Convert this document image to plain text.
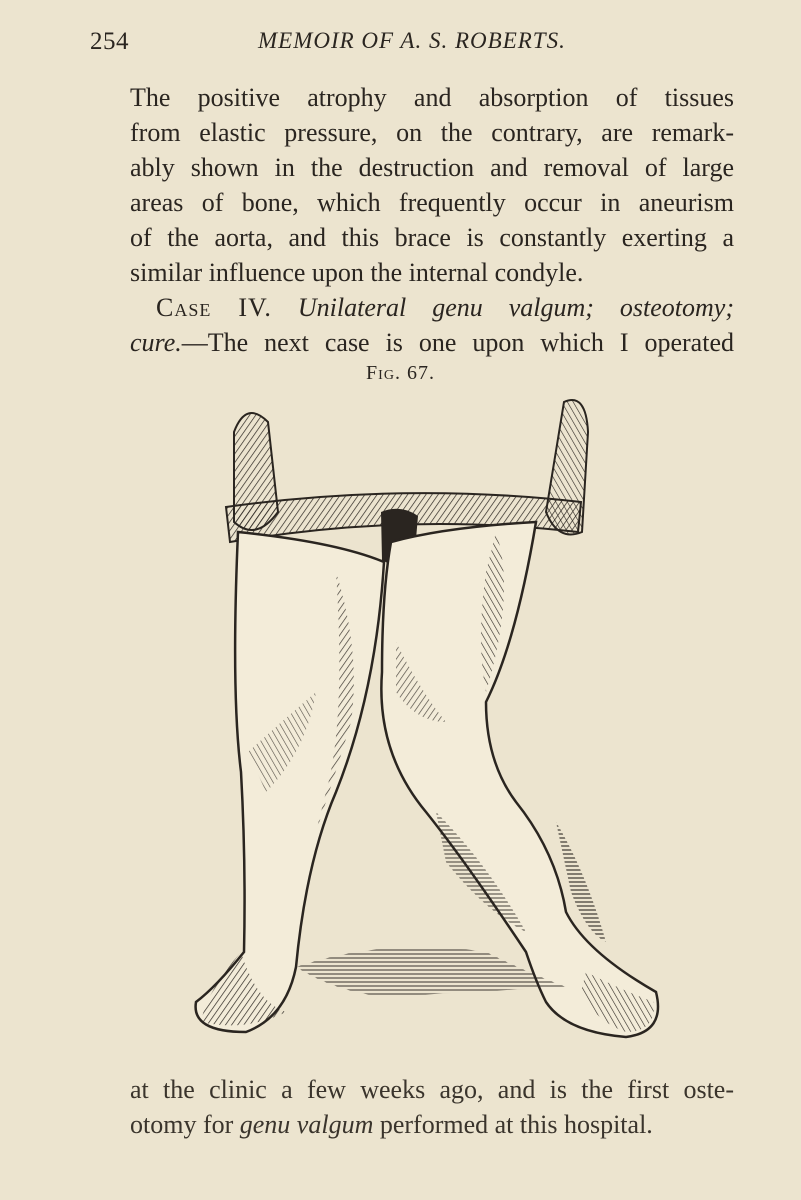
254	MEMOIR OF A. S. ROBERTS.
The positive atrophy and absorption of tissues
from elastic pressure, on the contrary, are remark-
ably shown in the destruction and removal of large
areas of bone, which frequently occur in aneurism
of the aorta, and this brace is constantly exerting a
similar influence upon the internal condyle.
  Case IV. Unilateral genu valgum; osteotomy;
cure.—The next case is one upon which I operated
Fig. 67.
at the clinic a few weeks ago, and is the first oste-
otomy for genu valgum performed at this hospital.
